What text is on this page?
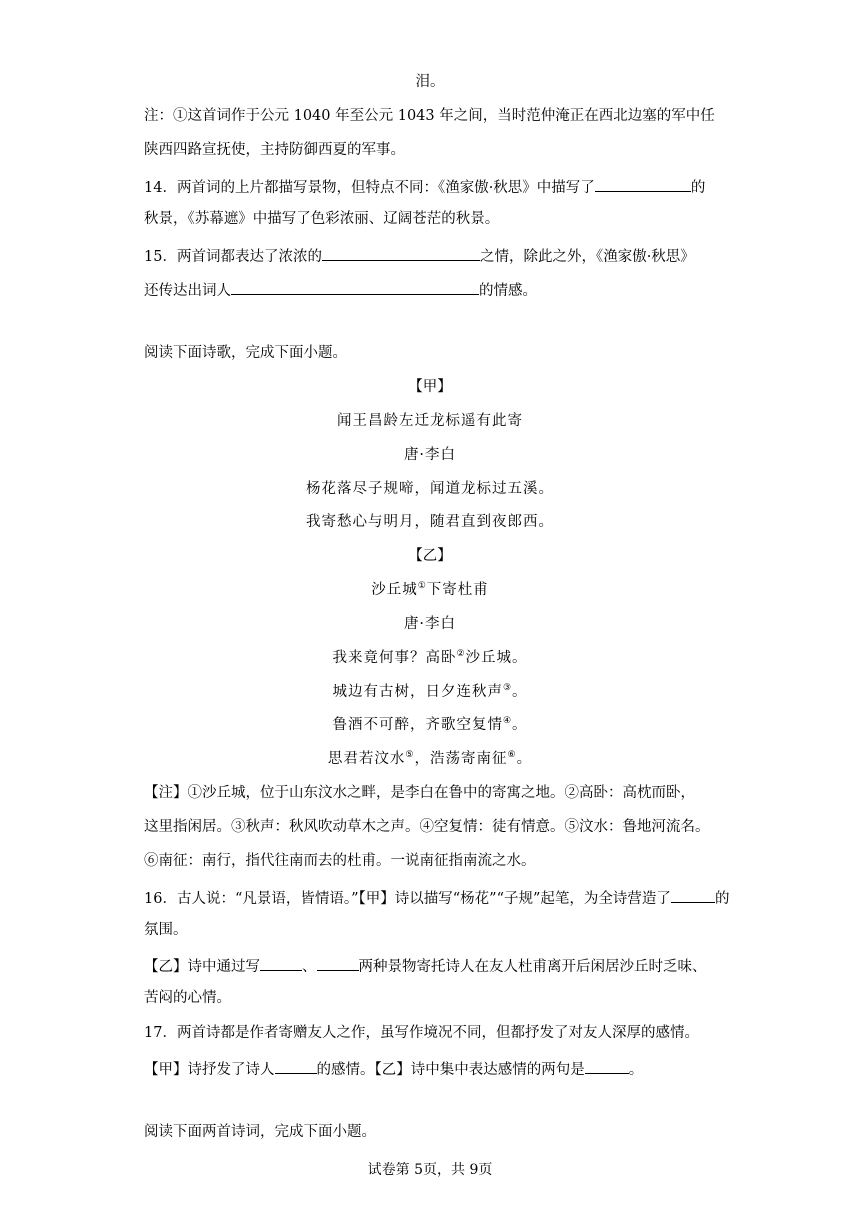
泪。
注：①这首词作于公元 1040 年至公元 1043 年之间，当时范仲淹正在西北边塞的军中任
陕西四路宣抚使，主持防御西夏的军事。
14．两首词的上片都描写景物，但特点不同：《渔家傲·秋思》中描写了	的
秋景，《苏幕遮》中描写了色彩浓丽、辽阔苍茫的秋景。
15．两首词都表达了浓浓的	之情，除此之外，《渔家傲·秋思》
还传达出词人	的情感。
阅读下面诗歌，完成下面小题。
【甲】
闻王昌龄左迁龙标遥有此寄
唐·李白
杨花落尽子规啼，闻道龙标过五溪。
我寄愁心与明月，随君直到夜郎西。
【乙】
沙丘城①下寄杜甫
唐·李白
我来竟何事？高卧②沙丘城。
城边有古树，日夕连秋声③。
鲁酒不可醉，齐歌空复情④。
思君若汶水⑤，浩荡寄南征⑥。
【注】①沙丘城，位于山东汶水之畔，是李白在鲁中的寄寓之地。②高卧：高枕而卧，
这里指闲居。③秋声：秋风吹动草木之声。④空复情：徒有情意。⑤汶水：鲁地河流名。
⑥南征：南行，指代往南而去的杜甫。一说南征指南流之水。
16．古人说：“凡景语，皆情语。”【甲】诗以描写“杨花”“子规”起笔，为全诗营造了	的
氛围。
【乙】诗中通过写	、	两种景物寄托诗人在友人杜甫离开后闲居沙丘时乏味、
苦闷的心情。
17．两首诗都是作者寄赠友人之作，虽写作境况不同，但都抒发了对友人深厚的感情。
【甲】诗抒发了诗人	的感情。【乙】诗中集中表达感情的两句是	。
阅读下面两首诗词，完成下面小题。
试卷第 5页，共 9页
